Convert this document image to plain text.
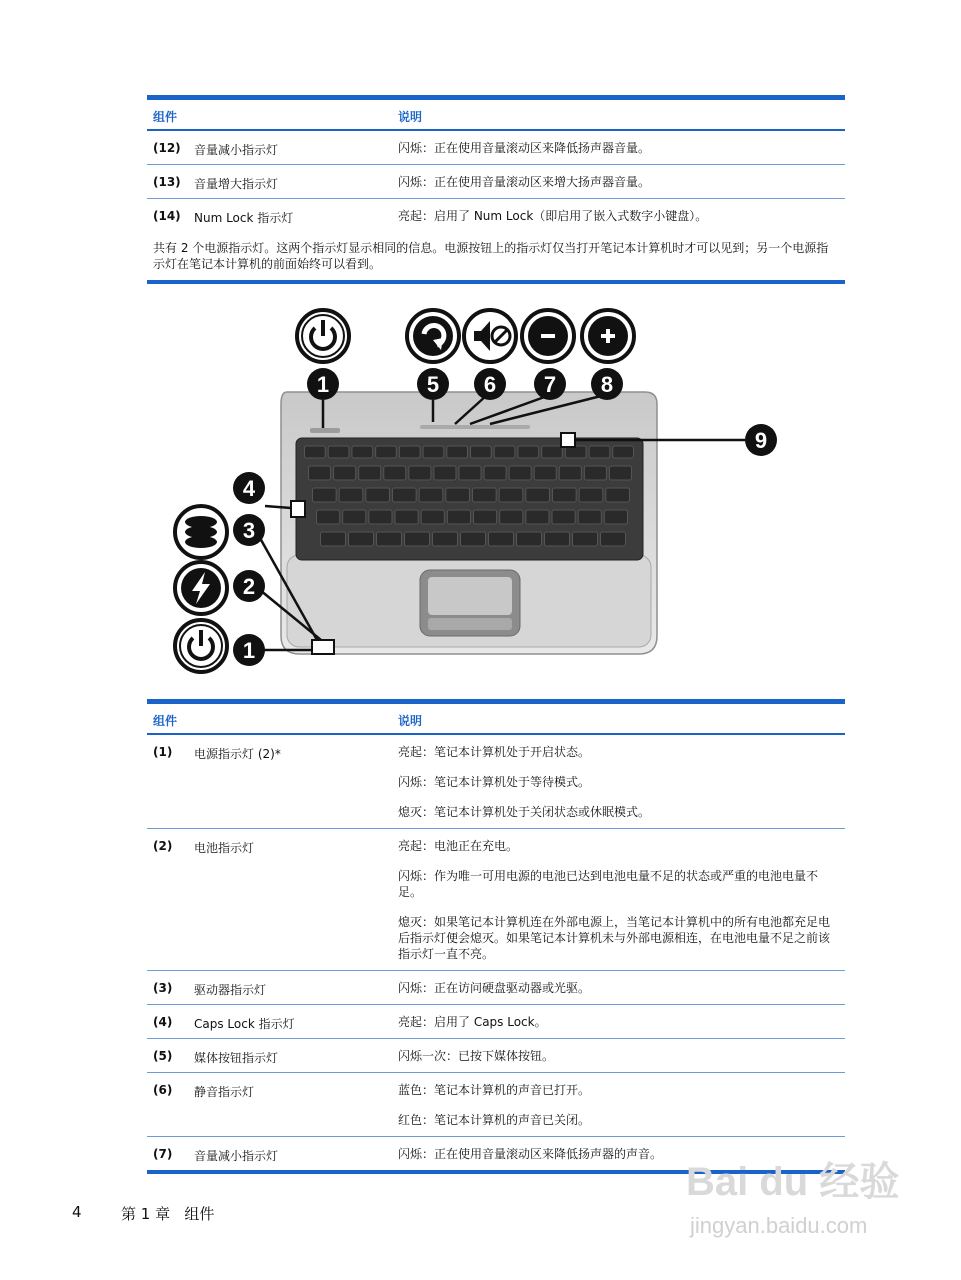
组件	说明
(12) 音量减小指示灯	闪烁：正在使用音量滚动区来降低扬声器音量。

(13) 音量增大指示灯	闪烁：正在使用音量滚动区来增大扬声器音量。

(14) Num Lock 指示灯	亮起：启用了 Num Lock（即启用了嵌入式数字小键盘）。

共有 2 个电源指示灯。这两个指示灯显示相同的信息。电源按钮上的指示灯仅当打开笔记本计算机时才可以见到；另一个电源指示灯在笔记本计算机的前面始终可以看到。
1	5 6 7 8
9
4
3
2
1
组件	说明
(1) 电源指示灯 (2)*	亮起：笔记本计算机处于开启状态。

闪烁：笔记本计算机处于等待模式。

熄灭：笔记本计算机处于关闭状态或休眠模式。

(2) 电池指示灯	亮起：电池正在充电。

闪烁：作为唯一可用电源的电池已达到电池电量不足的状态或严重的电池电量不足。

熄灭：如果笔记本计算机连在外部电源上，当笔记本计算机中的所有电池都充足电后指示灯便会熄灭。如果笔记本计算机未与外部电源相连，在电池电量不足之前该指示灯一直不亮。

(3) 驱动器指示灯	闪烁：正在访问硬盘驱动器或光驱。

(4) Caps Lock 指示灯	亮起：启用了 Caps Lock。

(5) 媒体按钮指示灯	闪烁一次：已按下媒体按钮。

(6) 静音指示灯	蓝色：笔记本计算机的声音已打开。

红色：笔记本计算机的声音已关闭。

(7) 音量减小指示灯	闪烁：正在使用音量滚动区来降低扬声器的声音。

4	第 1 章   组件
Bai du 经验
jingyan.baidu.com
